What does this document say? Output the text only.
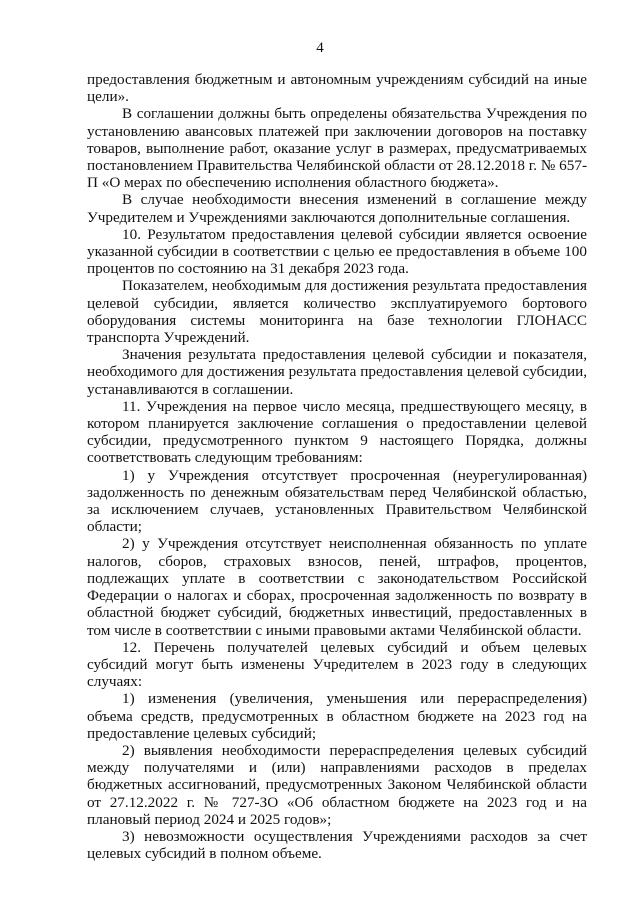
4

предоставления бюджетным и автономным учреждениям субсидий на иные цели».

В соглашении должны быть определены обязательства Учреждения по установлению авансовых платежей при заключении договоров на поставку товаров, выполнение работ, оказание услуг в размерах, предусматриваемых постановлением Правительства Челябинской области от 28.12.2018 г. № 657-П «О мерах по обеспечению исполнения областного бюджета».

В случае необходимости внесения изменений в соглашение между Учредителем и Учреждениями заключаются дополнительные соглашения.

10. Результатом предоставления целевой субсидии является освоение указанной субсидии в соответствии с целью ее предоставления в объеме 100 процентов по состоянию на 31 декабря 2023 года.

Показателем, необходимым для достижения результата предоставления целевой субсидии, является количество эксплуатируемого бортового оборудования системы мониторинга на базе технологии ГЛОНАСС транспорта Учреждений.

Значения результата предоставления целевой субсидии и показателя, необходимого для достижения результата предоставления целевой субсидии, устанавливаются в соглашении.

11. Учреждения на первое число месяца, предшествующего месяцу, в котором планируется заключение соглашения о предоставлении целевой субсидии, предусмотренного пунктом 9 настоящего Порядка, должны соответствовать следующим требованиям:

1) у Учреждения отсутствует просроченная (неурегулированная) задолженность по денежным обязательствам перед Челябинской областью, за исключением случаев, установленных Правительством Челябинской области;

2) у Учреждения отсутствует неисполненная обязанность по уплате налогов, сборов, страховых взносов, пеней, штрафов, процентов, подлежащих уплате в соответствии с законодательством Российской Федерации о налогах и сборах, просроченная задолженность по возврату в областной бюджет субсидий, бюджетных инвестиций, предоставленных в том числе в соответствии с иными правовыми актами Челябинской области.

12. Перечень получателей целевых субсидий и объем целевых субсидий могут быть изменены Учредителем в 2023 году в следующих случаях:

1) изменения (увеличения, уменьшения или перераспределения) объема средств, предусмотренных в областном бюджете на 2023 год на предоставление целевых субсидий;

2) выявления необходимости перераспределения целевых субсидий между получателями и (или) направлениями расходов в пределах бюджетных ассигнований, предусмотренных Законом Челябинской области от 27.12.2022 г. № 727-ЗО «Об областном бюджете на 2023 год и на плановый период 2024 и 2025 годов»;

3) невозможности осуществления Учреждениями расходов за счет целевых субсидий в полном объеме.
